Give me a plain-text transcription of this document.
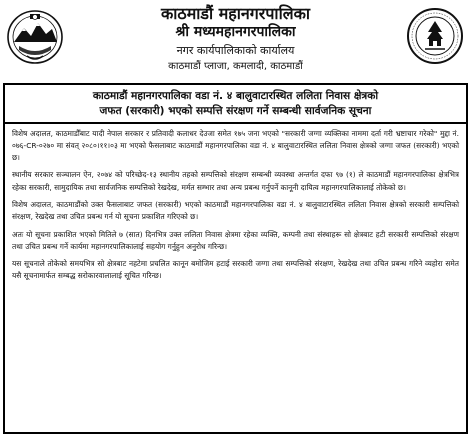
काठमाडौं महानगरपालिका
श्री मध्यमहानगरपालिका
नगर कार्यपालिकाको कार्यालय
काठमाडौं प्लाजा, कमलादी, काठमाडौं
काठमाडौं महानगरपालिका वडा नं. ४ बालुवाटारस्थित ललिता निवास क्षेत्रको
जफत (सरकारी) भएको सम्पत्ति संरक्षण गर्ने सम्बन्धी सार्वजनिक सूचना

विशेष अदालत, काठमाडौँबाट यादी नेपाल सरकार र प्रतिवादी कलाधर देउजा समेत १७५ जना भएको "सरकारी जग्गा व्यक्तिका नाममा दर्ता गरी भ्रष्टाचार गरेको" मुद्दा नं. ०७६-CR-०२७० मा संवत् २०८०।११।०३ मा भएको फैसलाबाट काठमाडौं महानगरपालिका वडा नं. ४ बालुवाटारस्थित ललिता निवास क्षेत्रको जग्गा जफत (सरकारी) भएको छ।

स्थानीय सरकार सञ्चालन ऐन, २०७४ को परिच्छेद-१३ स्थानीय तहको सम्पत्तिको संरक्षण सम्बन्धी व्यवस्था अन्तर्गत दफा ९७ (१) ले काठमाडौं महानगरपालिका क्षेत्रभित्र रहेका सरकारी, सामुदायिक तथा सार्वजनिक सम्पत्तिको रेखदेख, मर्मत सम्भार तथा अन्य प्रबन्ध गर्नुपर्ने कानूनी दायित्व महानगरपालिकालाई तोकेको छ।

विशेष अदालत, काठमाडौंको उक्त फैसलाबाट जफत (सरकारी) भएको काठमाडौं महानगरपालिका वडा नं. ४ बालुवाटारस्थित ललिता निवास क्षेत्रको सरकारी सम्पत्तिको संरक्षण, रेखदेख तथा उचित प्रबन्ध गर्न यो सूचना प्रकाशित गरिएको छ।

अतः यो सूचना प्रकाशित भएको मितिले ७ (सात) दिनभित्र उक्त ललिता निवास क्षेत्रमा रहेका व्यक्ति, कम्पनी तथा संस्थाहरू सो क्षेत्रबाट हटी सरकारी सम्पत्तिको संरक्षण तथा उचित प्रबन्ध गर्ने कार्यमा महानगरपालिकालाई सहयोग गर्नुहुन अनुरोध गरिन्छ।

यस सूचनाले तोकेको समयभित्र सो क्षेत्रबाट नहटेमा प्रचलित कानून बमोजिम हटाई सरकारी जग्गा तथा सम्पत्तिको संरक्षण, रेखदेख तथा उचित प्रबन्ध गरिने व्यहोरा समेत यसै सूचनामार्फत सम्बद्ध सरोकारवालालाई सूचित गरिन्छ।
